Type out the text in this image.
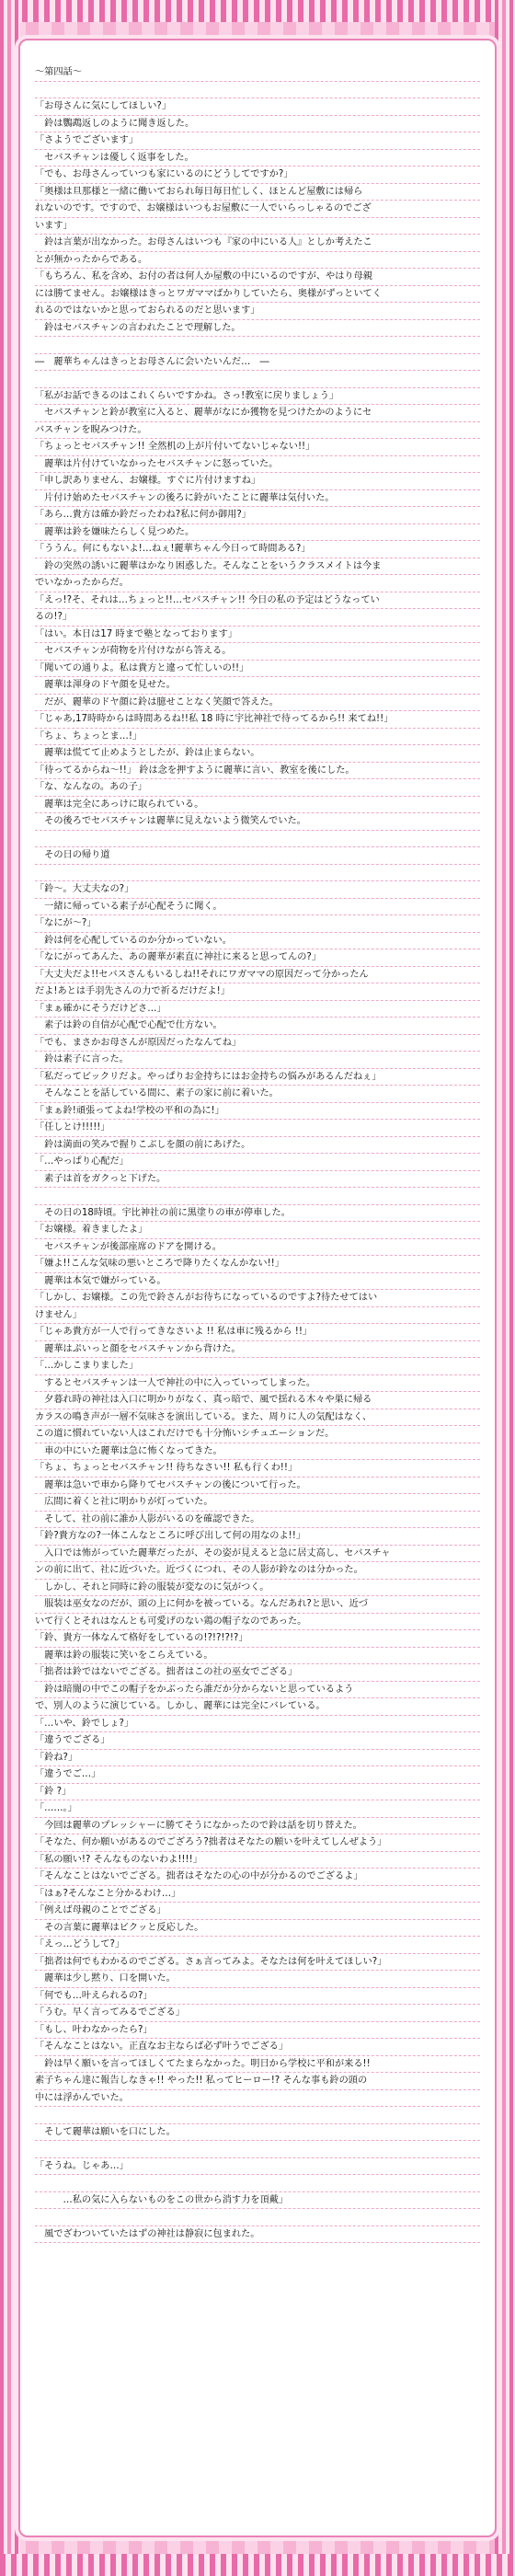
〜第四話〜
「お母さんに気にしてほしい?」
　鈴は鸚鵡返しのように聞き返した。
「さようでございます」
　セバスチャンは優しく返事をした。
「でも、お母さんっていつも家にいるのにどうしてですか?」
「奥様は旦那様と一緒に働いておられ毎日毎日忙しく、ほとんど屋敷には帰ら
れないのです。ですので、お嬢様はいつもお屋敷に一人でいらっしゃるのでござ
います」
　鈴は言葉が出なかった。お母さんはいつも『家の中にいる人』としか考えたこ
とが無かったからである。
「もちろん、私を含め、お付の者は何人か屋敷の中にいるのですが、やはり母親
には勝てません。お嬢様はきっとワガママばかりしていたら、奥様がずっといてく
れるのではないかと思っておられるのだと思います」
　鈴はセバスチャンの言われたことで理解した。
―　麗華ちゃんはきっとお母さんに会いたいんだ…　―
「私がお話できるのはこれくらいですかね。さっ!教室に戻りましょう」
　セバスチャンと鈴が教室に入ると、麗華がなにか獲物を見つけたかのようにセ
バスチャンを睨みつけた。
「ちょっとセバスチャン!! 全然机の上が片付いてないじゃない!!」
　麗華は片付けていなかったセバスチャンに怒っていた。
「申し訳ありません、お嬢様。すぐに片付けますね」
　片付け始めたセバスチャンの後ろに鈴がいたことに麗華は気付いた。
「あら…貴方は確か鈴だったわね?私に何か御用?」
　麗華は鈴を嫌味たらしく見つめた。
「ううん。何にもないよ!…ねぇ!麗華ちゃん今日って時間ある?」
　鈴の突然の誘いに麗華はかなり困惑した。そんなことをいうクラスメイトは今ま
でいなかったからだ。
「えっ!?そ、それは…ちょっと!!…セバスチャン!! 今日の私の予定はどうなってい
るの!?」
「はい。本日は17 時まで塾となっております」
　セバスチャンが荷物を片付けながら答える。
「聞いての通りよ。私は貴方と違って忙しいの!!」
　麗華は渾身のドヤ顔を見せた。
　だが、麗華のドヤ顔に鈴は臆せことなく笑顔で答えた。
「じゃあ,17時時からは時間あるね!!私 18 時に宇比神社で待ってるから!! 来てね!!」
「ちょ、ちょっとま…!」
　麗華は慌てて止めようとしたが、鈴は止まらない。
「待ってるからね〜!!」 鈴は念を押すように麗華に言い、教室を後にした。
「な、なんなの。あの子」
　麗華は完全にあっけに取られている。
　その後ろでセバスチャンは麗華に見えないよう微笑んでいた。
　その日の帰り道
「鈴〜。大丈夫なの?」
　一緒に帰っている素子が心配そうに聞く。
「なにが〜?」
　鈴は何を心配しているのか分かっていない。
「なにがってあんた、あの麗華が素直に神社に来ると思ってんの?」
「大丈夫だよ!!セバスさんもいるしね!!それにワガママの原因だって分かったん
だよ!あとは手羽先さんの力で祈るだけだよ!」
「まぁ確かにそうだけどさ…」
　素子は鈴の自信が心配で心配で仕方ない。
「でも、まさかお母さんが原因だったなんてね」
　鈴は素子に言った。
「私だってビックリだよ。やっぱりお金持ちにはお金持ちの悩みがあるんだねぇ」
　そんなことを話している間に、素子の家に前に着いた。
「まぁ鈴!頑張ってよね!学校の平和の為に!」
「任しとけ!!!!!」
　鈴は満面の笑みで握りこぶしを顔の前にあげた。
「…やっぱり心配だ」
　素子は首をガクっと下げた。
　その日の18時頃。宇比神社の前に黒塗りの車が停車した。
「お嬢様。着きましたよ」
　セバスチャンが後部座席のドアを開ける。
「嫌よ!!こんな気味の悪いところで降りたくなんかない!!」
　麗華は本気で嫌がっている。
「しかし、お嬢様。この先で鈴さんがお待ちになっているのですよ?待たせてはい
けません」
「じゃあ貴方が一人で行ってきなさいよ !! 私は車に残るから !!」
　麗華はぷいっと顔をセバスチャンから背けた。
「…かしこまりました」
　するとセバスチャンは一人で神社の中に入っていってしまった。
　夕暮れ時の神社は入口に明かりがなく、真っ暗で、風で揺れる木々や巣に帰る
カラスの鳴き声が一層不気味さを演出している。また、周りに人の気配はなく、
この道に慣れていない人はこれだけでも十分怖いシチュエーションだ。
　車の中にいた麗華は急に怖くなってきた。
「ちょ、ちょっとセバスチャン!! 待ちなさい!! 私も行くわ!!」
　麗華は急いで車から降りてセバスチャンの後について行った。
　広間に着くと社に明かりが灯っていた。
　そして、社の前に誰か人影がいるのを確認できた。
「鈴?貴方なの?一体こんなところに呼び出して何の用なのよ!!」
　入口では怖がっていた麗華だったが、その姿が見えると急に居丈高し、セバスチャ
ンの前に出て、社に近づいた。近づくにつれ、その人影が鈴なのは分かった。
　しかし、それと同時に鈴の服装が変なのに気がつく。
　服装は巫女なのだが、頭の上に何かを被っている。なんだあれ?と思い、近づ
いて行くとそれはなんとも可愛げのない鶏の帽子なのであった。
「鈴、貴方一体なんて格好をしているの!?!?!?!?」
　麗華は鈴の服装に笑いをこらえている。
「拙者は鈴ではないでござる。拙者はこの社の巫女でござる」
　鈴は暗闇の中でこの帽子をかぶったら誰だか分からないと思っているよう
で、別人のように演じている。しかし、麗華には完全にバレている。
「…いや、鈴でしょ?」
「違うでござる」
「鈴ね?」
「違うでご…」
「鈴 ?」
「……。」
　今回は麗華のプレッシャーに勝てそうになかったので鈴は話を切り替えた。
「そなた、何か願いがあるのでござろう?拙者はそなたの願いを叶えてしんぜよう」
「私の願い!? そんなものないわよ!!!!」
「そんなことはないでござる。拙者はそなたの心の中が分かるのでござるよ」
「はぁ?そんなこと分かるわけ…」
「例えば母親のことでござる」
　その言葉に麗華はビクッと反応した。
「えっ…どうして?」
「拙者は何でもわかるのでござる。さぁ言ってみよ。そなたは何を叶えてほしい?」
　麗華は少し黙り、口を開いた。
「何でも…叶えられるの?」
「うむ。早く言ってみるでござる」
「もし、叶わなかったら?」
「そんなことはない。正直なお主ならば必ず叶うでござる」
　鈴は早く願いを言ってほしくてたまらなかった。明日から学校に平和が来る!!
素子ちゃん達に報告しなきゃ!! やった!! 私ってヒーロー!? そんな事も鈴の頭の
中には浮かんでいた。
　そして麗華は願いを口にした。
「そうね。じゃあ…」
　　　…私の気に入らないものをこの世から消す力を頂戴」
　風でざわついていたはずの神社は静寂に包まれた。
